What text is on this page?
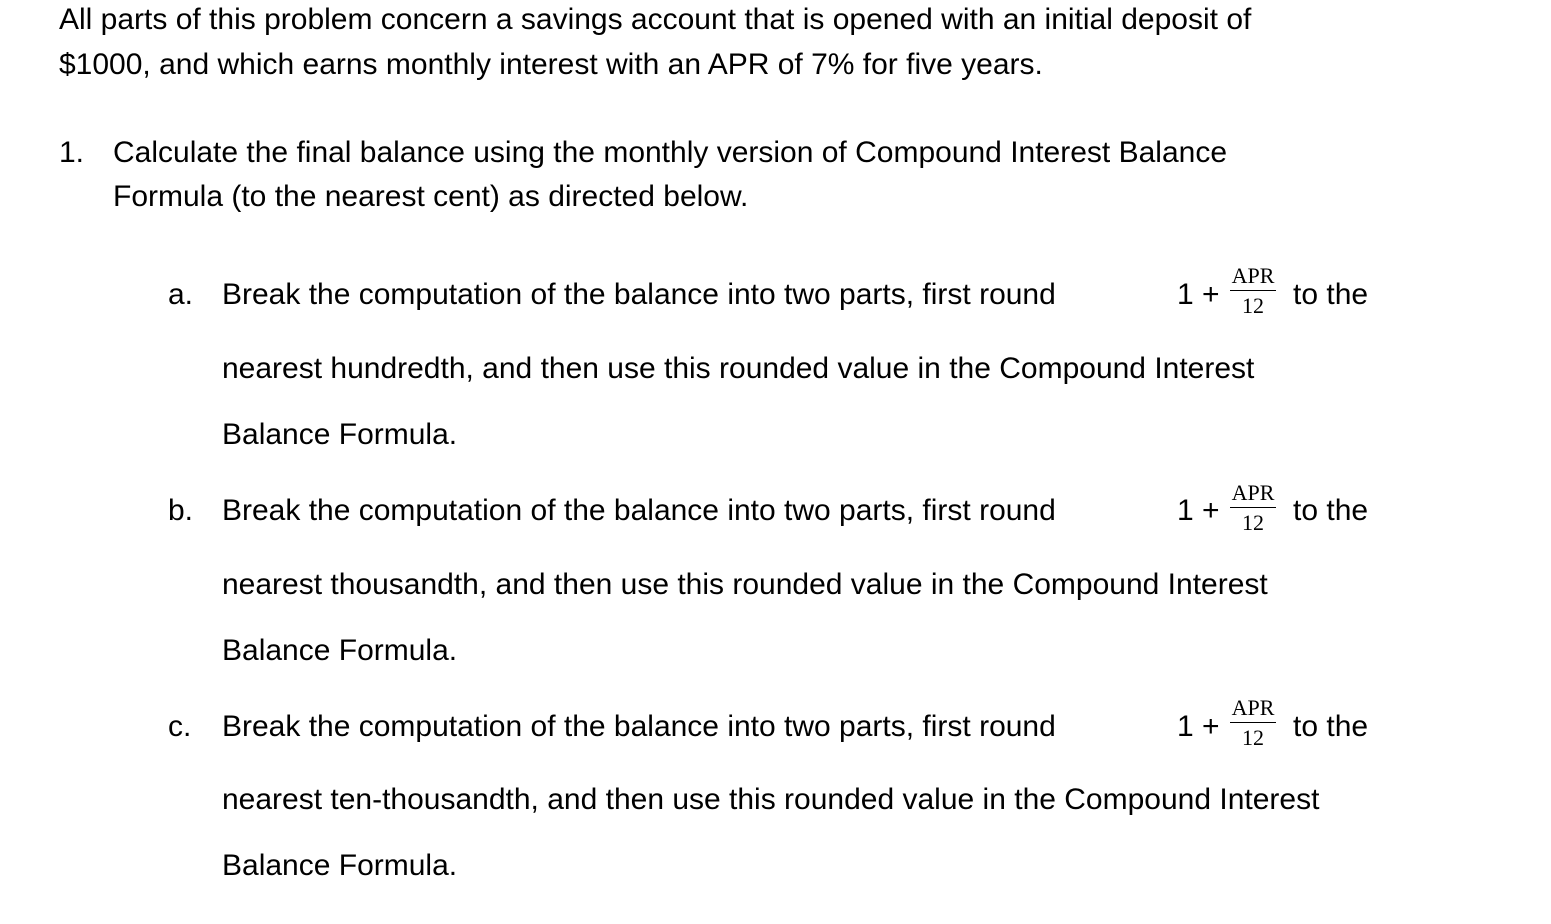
All parts of this problem concern a savings account that is opened with an initial deposit of
$1000, and which earns monthly interest with an APR of 7% for five years.
1. Calculate the final balance using the monthly version of Compound Interest Balance
Formula (to the nearest cent) as directed below.
a. Break the computation of the balance into two parts, first round	1 +
APR
12 to the
nearest hundredth, and then use this rounded value in the Compound Interest
Balance Formula.
b. Break the computation of the balance into two parts, first round	1 +
APR
12 to the
nearest thousandth, and then use this rounded value in the Compound Interest
Balance Formula.
c. Break the computation of the balance into two parts, first round	1 +
APR
12 to the
nearest ten-thousandth, and then use this rounded value in the Compound Interest
Balance Formula.
